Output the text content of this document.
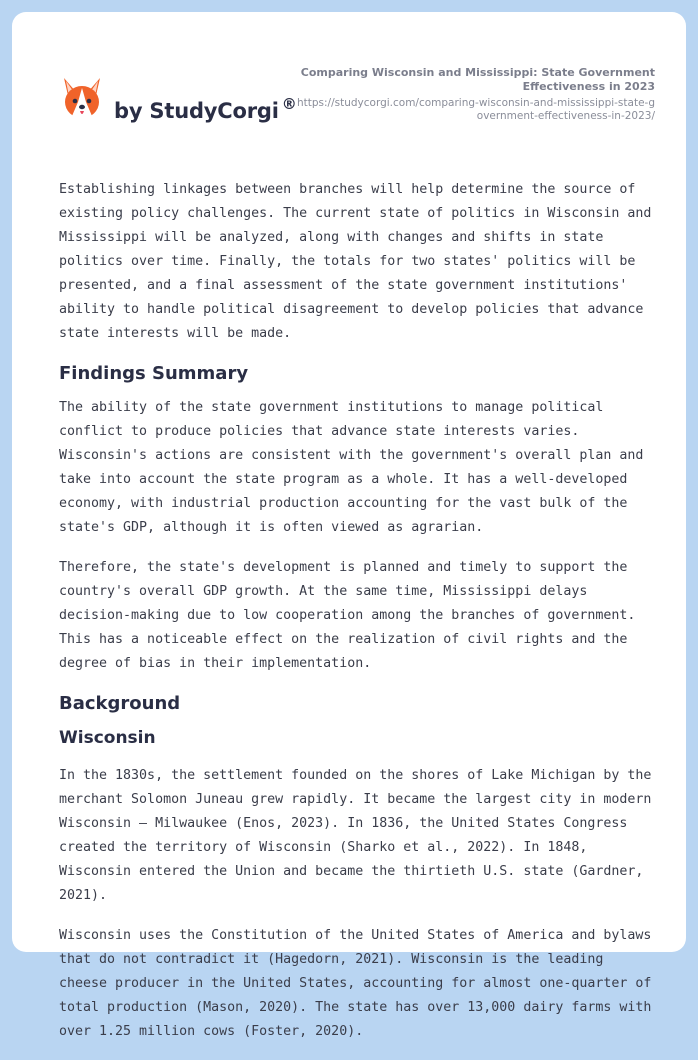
by StudyCorgi ®
Comparing Wisconsin and Mississippi: State Government Effectiveness in 2023
https://studycorgi.com/comparing-wisconsin-and-mississippi-state-government-effectiveness-in-2023/

Establishing linkages between branches will help determine the source of existing policy challenges. The current state of politics in Wisconsin and Mississippi will be analyzed, along with changes and shifts in state politics over time. Finally, the totals for two states' politics will be presented, and a final assessment of the state government institutions' ability to handle political disagreement to develop policies that advance state interests will be made.

Findings Summary

The ability of the state government institutions to manage political conflict to produce policies that advance state interests varies. Wisconsin's actions are consistent with the government's overall plan and take into account the state program as a whole. It has a well-developed economy, with industrial production accounting for the vast bulk of the state's GDP, although it is often viewed as agrarian.

Therefore, the state's development is planned and timely to support the country's overall GDP growth. At the same time, Mississippi delays decision-making due to low cooperation among the branches of government. This has a noticeable effect on the realization of civil rights and the degree of bias in their implementation.

Background
Wisconsin

In the 1830s, the settlement founded on the shores of Lake Michigan by the merchant Solomon Juneau grew rapidly. It became the largest city in modern Wisconsin – Milwaukee (Enos, 2023). In 1836, the United States Congress created the territory of Wisconsin (Sharko et al., 2022). In 1848, Wisconsin entered the Union and became the thirtieth U.S. state (Gardner, 2021).

Wisconsin uses the Constitution of the United States of America and bylaws that do not contradict it (Hagedorn, 2021). Wisconsin is the leading cheese producer in the United States, accounting for almost one-quarter of total production (Mason, 2020). The state has over 13,000 dairy farms with over 1.25 million cows (Foster, 2020).
